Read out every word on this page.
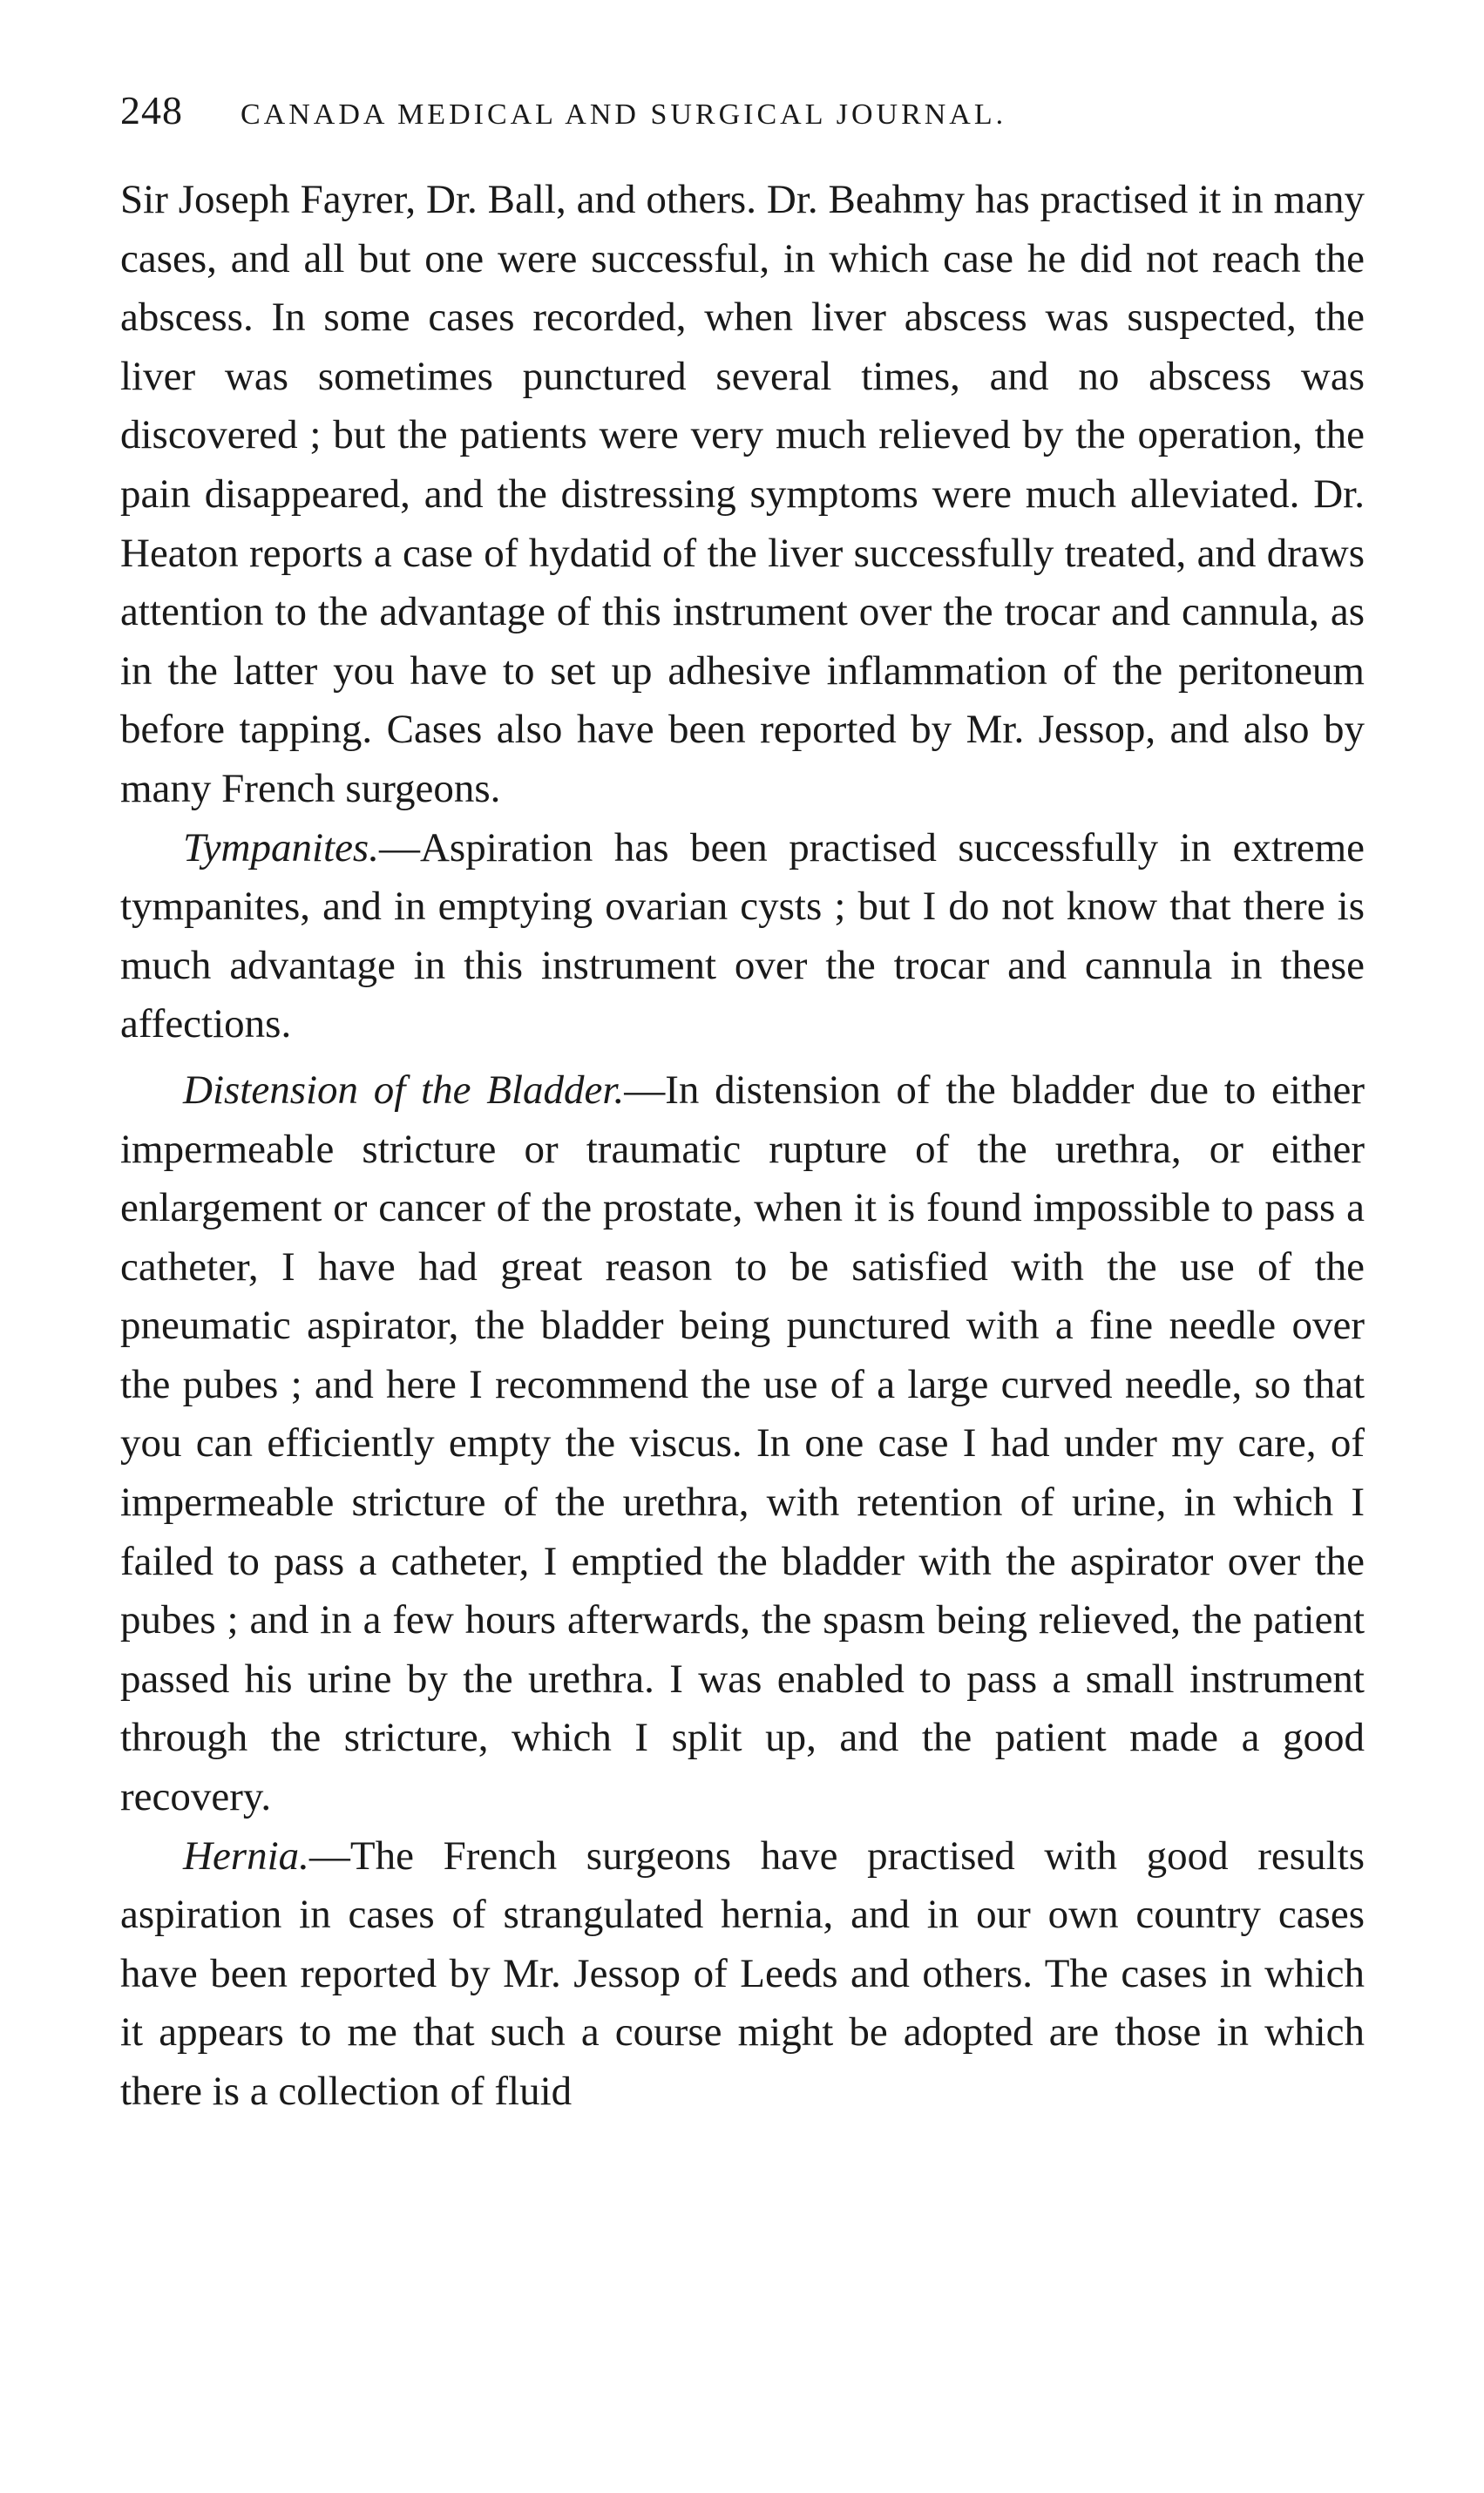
248 CANADA MEDICAL AND SURGICAL JOURNAL.

Sir Joseph Fayrer, Dr. Ball, and others. Dr. Beahmy has practised it in many cases, and all but one were successful, in which case he did not reach the abscess. In some cases recorded, when liver abscess was suspected, the liver was sometimes punctured several times, and no abscess was discovered ; but the patients were very much relieved by the operation, the pain disappeared, and the distressing symptoms were much alleviated. Dr. Heaton reports a case of hydatid of the liver successfully treated, and draws attention to the advantage of this instrument over the trocar and cannula, as in the latter you have to set up adhesive inflammation of the peritoneum before tapping. Cases also have been reported by Mr. Jessop, and also by many French surgeons.

Tympanites.—Aspiration has been practised successfully in extreme tympanites, and in emptying ovarian cysts ; but I do not know that there is much advantage in this instrument over the trocar and cannula in these affections.

Distension of the Bladder.—In distension of the bladder due to either impermeable stricture or traumatic rupture of the urethra, or either enlargement or cancer of the prostate, when it is found impossible to pass a catheter, I have had great reason to be satisfied with the use of the pneumatic aspirator, the bladder being punctured with a fine needle over the pubes ; and here I recommend the use of a large curved needle, so that you can efficiently empty the viscus. In one case I had under my care, of impermeable stricture of the urethra, with retention of urine, in which I failed to pass a catheter, I emptied the bladder with the aspirator over the pubes ; and in a few hours afterwards, the spasm being relieved, the patient passed his urine by the urethra. I was enabled to pass a small instrument through the stricture, which I split up, and the patient made a good recovery.

Hernia.—The French surgeons have practised with good results aspiration in cases of strangulated hernia, and in our own country cases have been reported by Mr. Jessop of Leeds and others. The cases in which it appears to me that such a course might be adopted are those in which there is a collection of fluid
